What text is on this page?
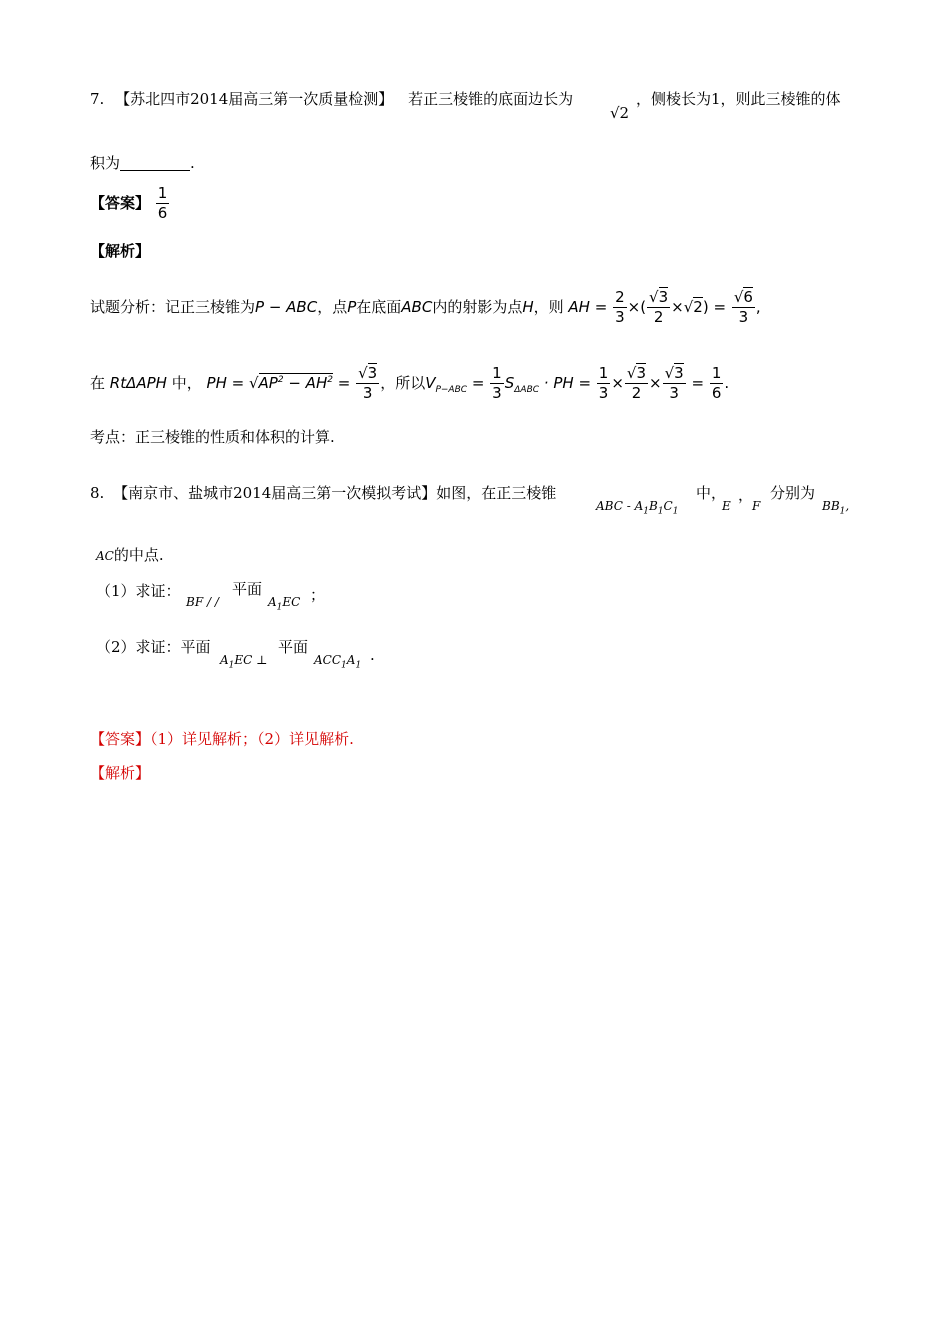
7. 【苏北四市2014届高三第一次质量检测】 若正三棱锥的底面边长为
√2
，侧棱长为1，则此三棱锥的体
积为	.
【答案】 $\frac{1}{6}$
【解析】
试题分析：记正三棱锥为P − ABC，点P在底面ABC内的射影为点H，则 AH = $\frac{2}{3}$ ×( $\frac{√3}{2} \times√2) = \frac{√6}{3}$ ,
在 RtΔAPH 中， PH = $√AP^2 - AH^2 = \frac{√3}{3}$ ，所以$V_{P-ABC} = \frac{1}{3} S_{\Delta ABC}$ · PH = $\frac{1}{3} \times \frac{√3}{2} \times \frac{√3}{3} = \frac{1}{6}$ .
考点：正三棱锥的性质和体积的计算.
8. 【南京市、盐城市2014届高三第一次模拟考试】如图，在正三棱锥
ABC - $A_1B_1C_1$
中，
E
，
F
分别为
$BB_1$,
AC的中点.
（1）求证：
BF / /
平面
$A_1EC$ ；
（2）求证：平面
$A_1EC$ ⊥
平面
$ACC_1A_1$
.
【答案】（1）详见解析；（2）详见解析.
【解析】
